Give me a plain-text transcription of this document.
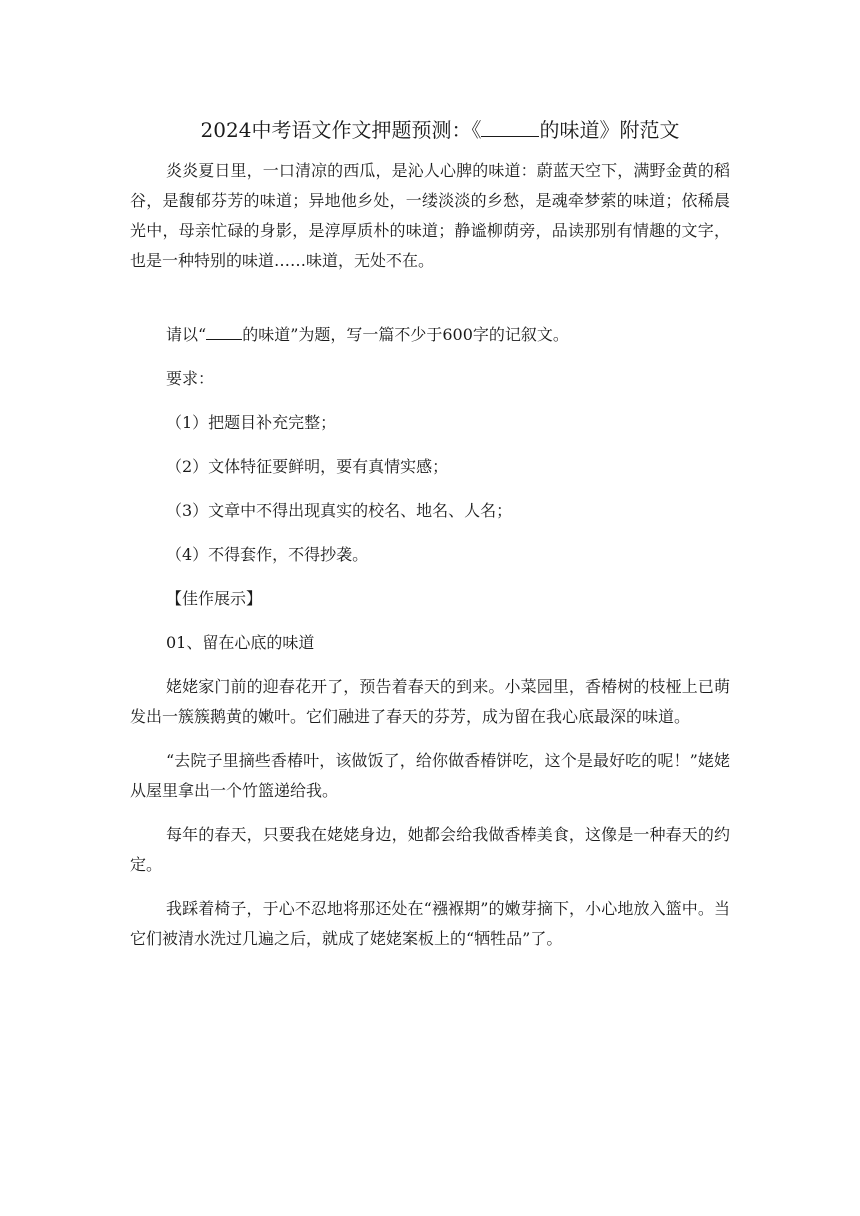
2024中考语文作文押题预测：《	的味道》附范文

炎炎夏日里，一口清凉的西瓜，是沁人心脾的味道：蔚蓝天空下，满野金黄的稻谷，是馥郁芬芳的味道；异地他乡处，一缕淡淡的乡愁，是魂牵梦萦的味道；依稀晨光中，母亲忙碌的身影，是淳厚质朴的味道；静谧柳荫旁，品读那别有情趣的文字，也是一种特别的味道……味道，无处不在。

请以“ 的味道”为题，写一篇不少于600字的记叙文。

要求：

（1）把题目补充完整；

（2）文体特征要鲜明，要有真情实感；

（3）文章中不得出现真实的校名、地名、人名；

（4）不得套作，不得抄袭。

【佳作展示】

01、留在心底的味道

姥姥家门前的迎春花开了，预告着春天的到来。小菜园里，香椿树的枝桠上已萌发出一簇簇鹅黄的嫩叶。它们融进了春天的芬芳，成为留在我心底最深的味道。

“去院子里摘些香椿叶，该做饭了，给你做香椿饼吃，这个是最好吃的呢！”姥姥从屋里拿出一个竹篮递给我。

每年的春天，只要我在姥姥身边，她都会给我做香棒美食，这像是一种春天的约定。

我踩着椅子，于心不忍地将那还处在“襁褓期”的嫩芽摘下，小心地放入篮中。当它们被清水洗过几遍之后，就成了姥姥案板上的“牺牲品”了。
